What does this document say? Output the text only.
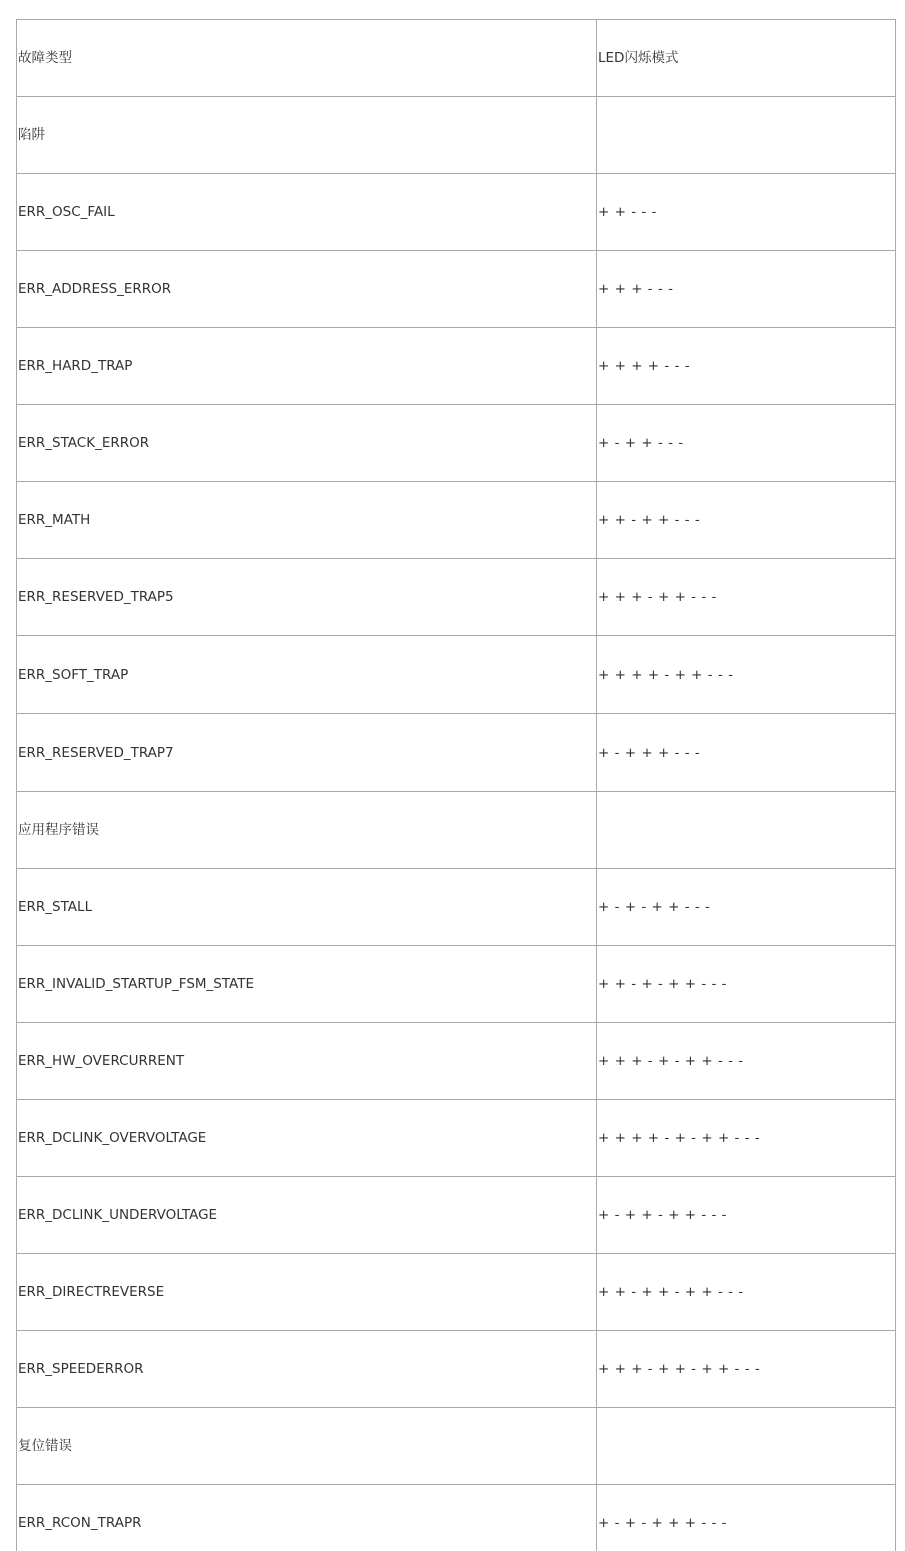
故障类型	LED闪烁模式
陷阱	
ERR_OSC_FAIL	+ + - - -
ERR_ADDRESS_ERROR	+ + + - - -
ERR_HARD_TRAP	+ + + + - - -
ERR_STACK_ERROR	+ - + + - - -
ERR_MATH	+ + - + + - - -
ERR_RESERVED_TRAP5	+ + + - + + - - -
ERR_SOFT_TRAP	+ + + + - + + - - -
ERR_RESERVED_TRAP7	+ - + + + - - -
应用程序错误	
ERR_STALL	+ - + - + + - - -
ERR_INVALID_STARTUP_FSM_STATE	+ + - + - + + - - -
ERR_HW_OVERCURRENT	+ + + - + - + + - - -
ERR_DCLINK_OVERVOLTAGE	+ + + + - + - + + - - -
ERR_DCLINK_UNDERVOLTAGE	+ - + + - + + - - -
ERR_DIRECTREVERSE	+ + - + + - + + - - -
ERR_SPEEDERROR	+ + + - + + - + + - - -
复位错误	
ERR_RCON_TRAPR	+ - + - + + + - - -
